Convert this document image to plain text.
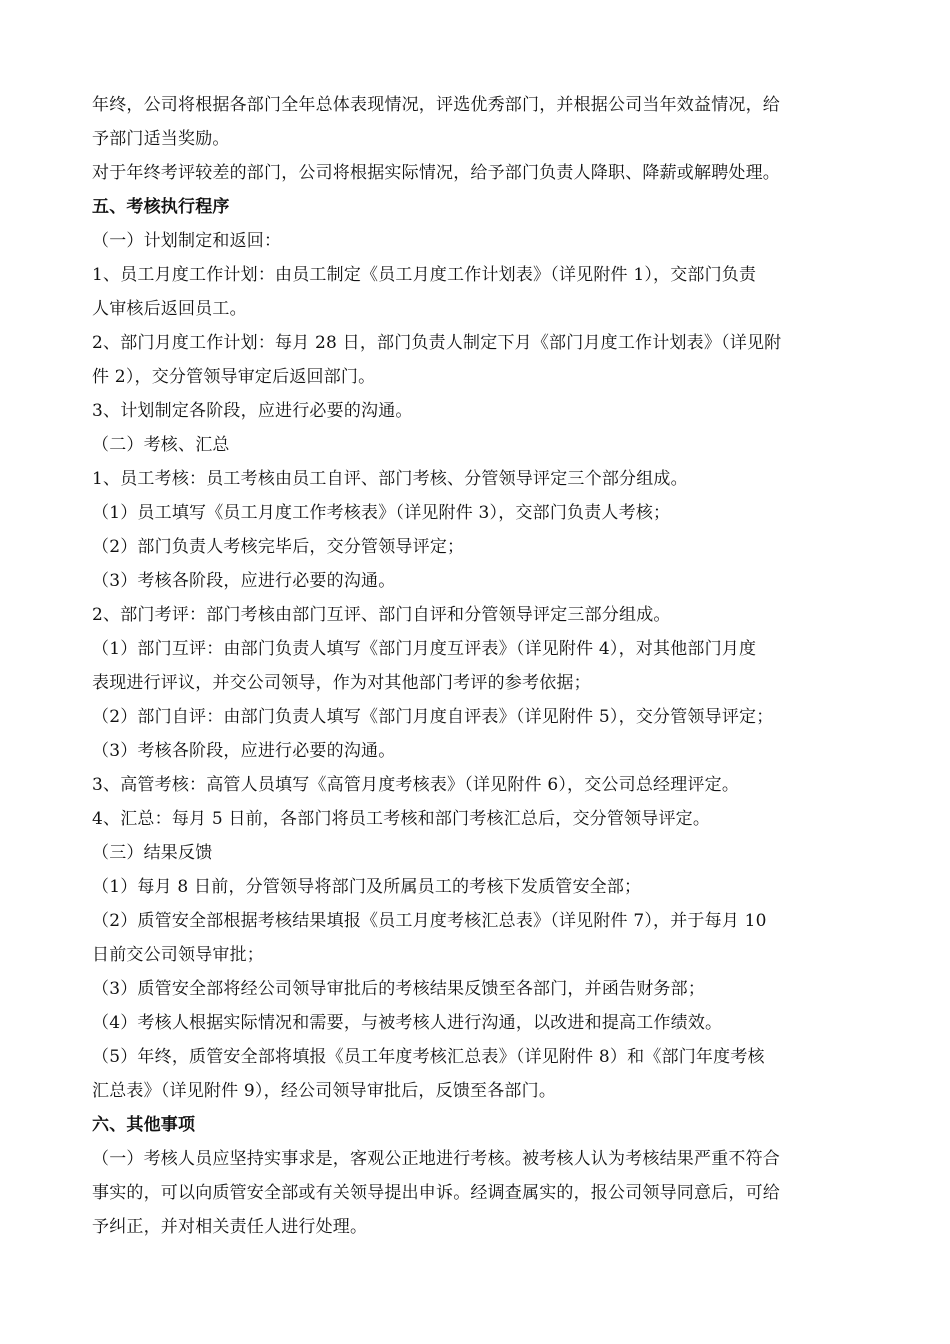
年终，公司将根据各部门全年总体表现情况，评选优秀部门，并根据公司当年效益情况，给
予部门适当奖励。
对于年终考评较差的部门，公司将根据实际情况，给予部门负责人降职、降薪或解聘处理。
五、考核执行程序
（一）计划制定和返回：
1、员工月度工作计划：由员工制定《员工月度工作计划表》（详见附件 1），交部门负责
人审核后返回员工。
2、部门月度工作计划：每月 28 日，部门负责人制定下月《部门月度工作计划表》（详见附
件 2），交分管领导审定后返回部门。
3、计划制定各阶段，应进行必要的沟通。
（二）考核、汇总
1、员工考核：员工考核由员工自评、部门考核、分管领导评定三个部分组成。
（1）员工填写《员工月度工作考核表》（详见附件 3），交部门负责人考核；
（2）部门负责人考核完毕后，交分管领导评定；
（3）考核各阶段，应进行必要的沟通。
2、部门考评：部门考核由部门互评、部门自评和分管领导评定三部分组成。
（1）部门互评：由部门负责人填写《部门月度互评表》（详见附件 4），对其他部门月度
表现进行评议，并交公司领导，作为对其他部门考评的参考依据；
（2）部门自评：由部门负责人填写《部门月度自评表》（详见附件 5），交分管领导评定；
（3）考核各阶段，应进行必要的沟通。
3、高管考核：高管人员填写《高管月度考核表》（详见附件 6），交公司总经理评定。
4、汇总：每月 5 日前，各部门将员工考核和部门考核汇总后，交分管领导评定。
（三）结果反馈
（1）每月 8 日前，分管领导将部门及所属员工的考核下发质管安全部；
（2）质管安全部根据考核结果填报《员工月度考核汇总表》（详见附件 7），并于每月 10
日前交公司领导审批；
（3）质管安全部将经公司领导审批后的考核结果反馈至各部门，并函告财务部；
（4）考核人根据实际情况和需要，与被考核人进行沟通，以改进和提高工作绩效。
（5）年终，质管安全部将填报《员工年度考核汇总表》（详见附件 8）和《部门年度考核
汇总表》（详见附件 9），经公司领导审批后，反馈至各部门。
六、其他事项
（一）考核人员应坚持实事求是，客观公正地进行考核。被考核人认为考核结果严重不符合
事实的，可以向质管安全部或有关领导提出申诉。经调查属实的，报公司领导同意后，可给
予纠正，并对相关责任人进行处理。
